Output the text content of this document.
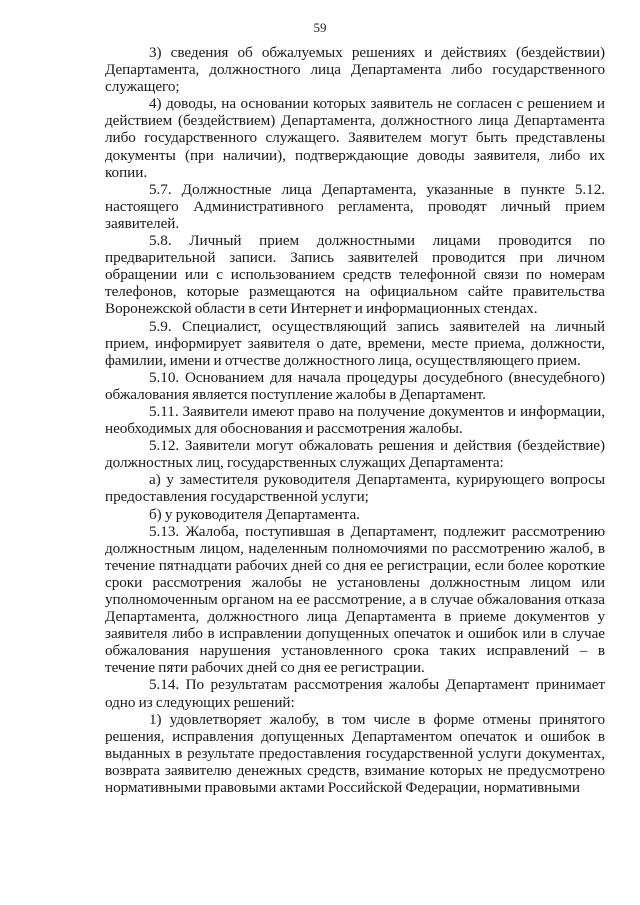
59

3) сведения об обжалуемых решениях и действиях (бездействии) Департамента, должностного лица Департамента либо государственного служащего;

4) доводы, на основании которых заявитель не согласен с решением и действием (бездействием) Департамента, должностного лица Департамента либо государственного служащего. Заявителем могут быть представлены документы (при наличии), подтверждающие доводы заявителя, либо их копии.

5.7. Должностные лица Департамента, указанные в пункте 5.12. настоящего Административного регламента, проводят личный прием заявителей.

5.8. Личный прием должностными лицами проводится по предварительной записи. Запись заявителей проводится при личном обращении или с использованием средств телефонной связи по номерам телефонов, которые размещаются на официальном сайте правительства Воронежской области в сети Интернет и информационных стендах.

5.9. Специалист, осуществляющий запись заявителей на личный прием, информирует заявителя о дате, времени, месте приема, должности, фамилии, имени и отчестве должностного лица, осуществляющего прием.

5.10. Основанием для начала процедуры досудебного (внесудебного) обжалования является поступление жалобы в Департамент.

5.11. Заявители имеют право на получение документов и информации, необходимых для обоснования и рассмотрения жалобы.

5.12. Заявители могут обжаловать решения и действия (бездействие) должностных лиц, государственных служащих Департамента:

а) у заместителя руководителя Департамента, курирующего вопросы предоставления государственной услуги;

б) у руководителя Департамента.

5.13. Жалоба, поступившая в Департамент, подлежит рассмотрению должностным лицом, наделенным полномочиями по рассмотрению жалоб, в течение пятнадцати рабочих дней со дня ее регистрации, если более короткие сроки рассмотрения жалобы не установлены должностным лицом или уполномоченным органом на ее рассмотрение, а в случае обжалования отказа Департамента, должностного лица Департамента в приеме документов у заявителя либо в исправлении допущенных опечаток и ошибок или в случае обжалования нарушения установленного срока таких исправлений – в течение пяти рабочих дней со дня ее регистрации.

5.14. По результатам рассмотрения жалобы Департамент принимает одно из следующих решений:

1) удовлетворяет жалобу, в том числе в форме отмены принятого решения, исправления допущенных Департаментом опечаток и ошибок в выданных в результате предоставления государственной услуги документах, возврата заявителю денежных средств, взимание которых не предусмотрено нормативными правовыми актами Российской Федерации, нормативными
